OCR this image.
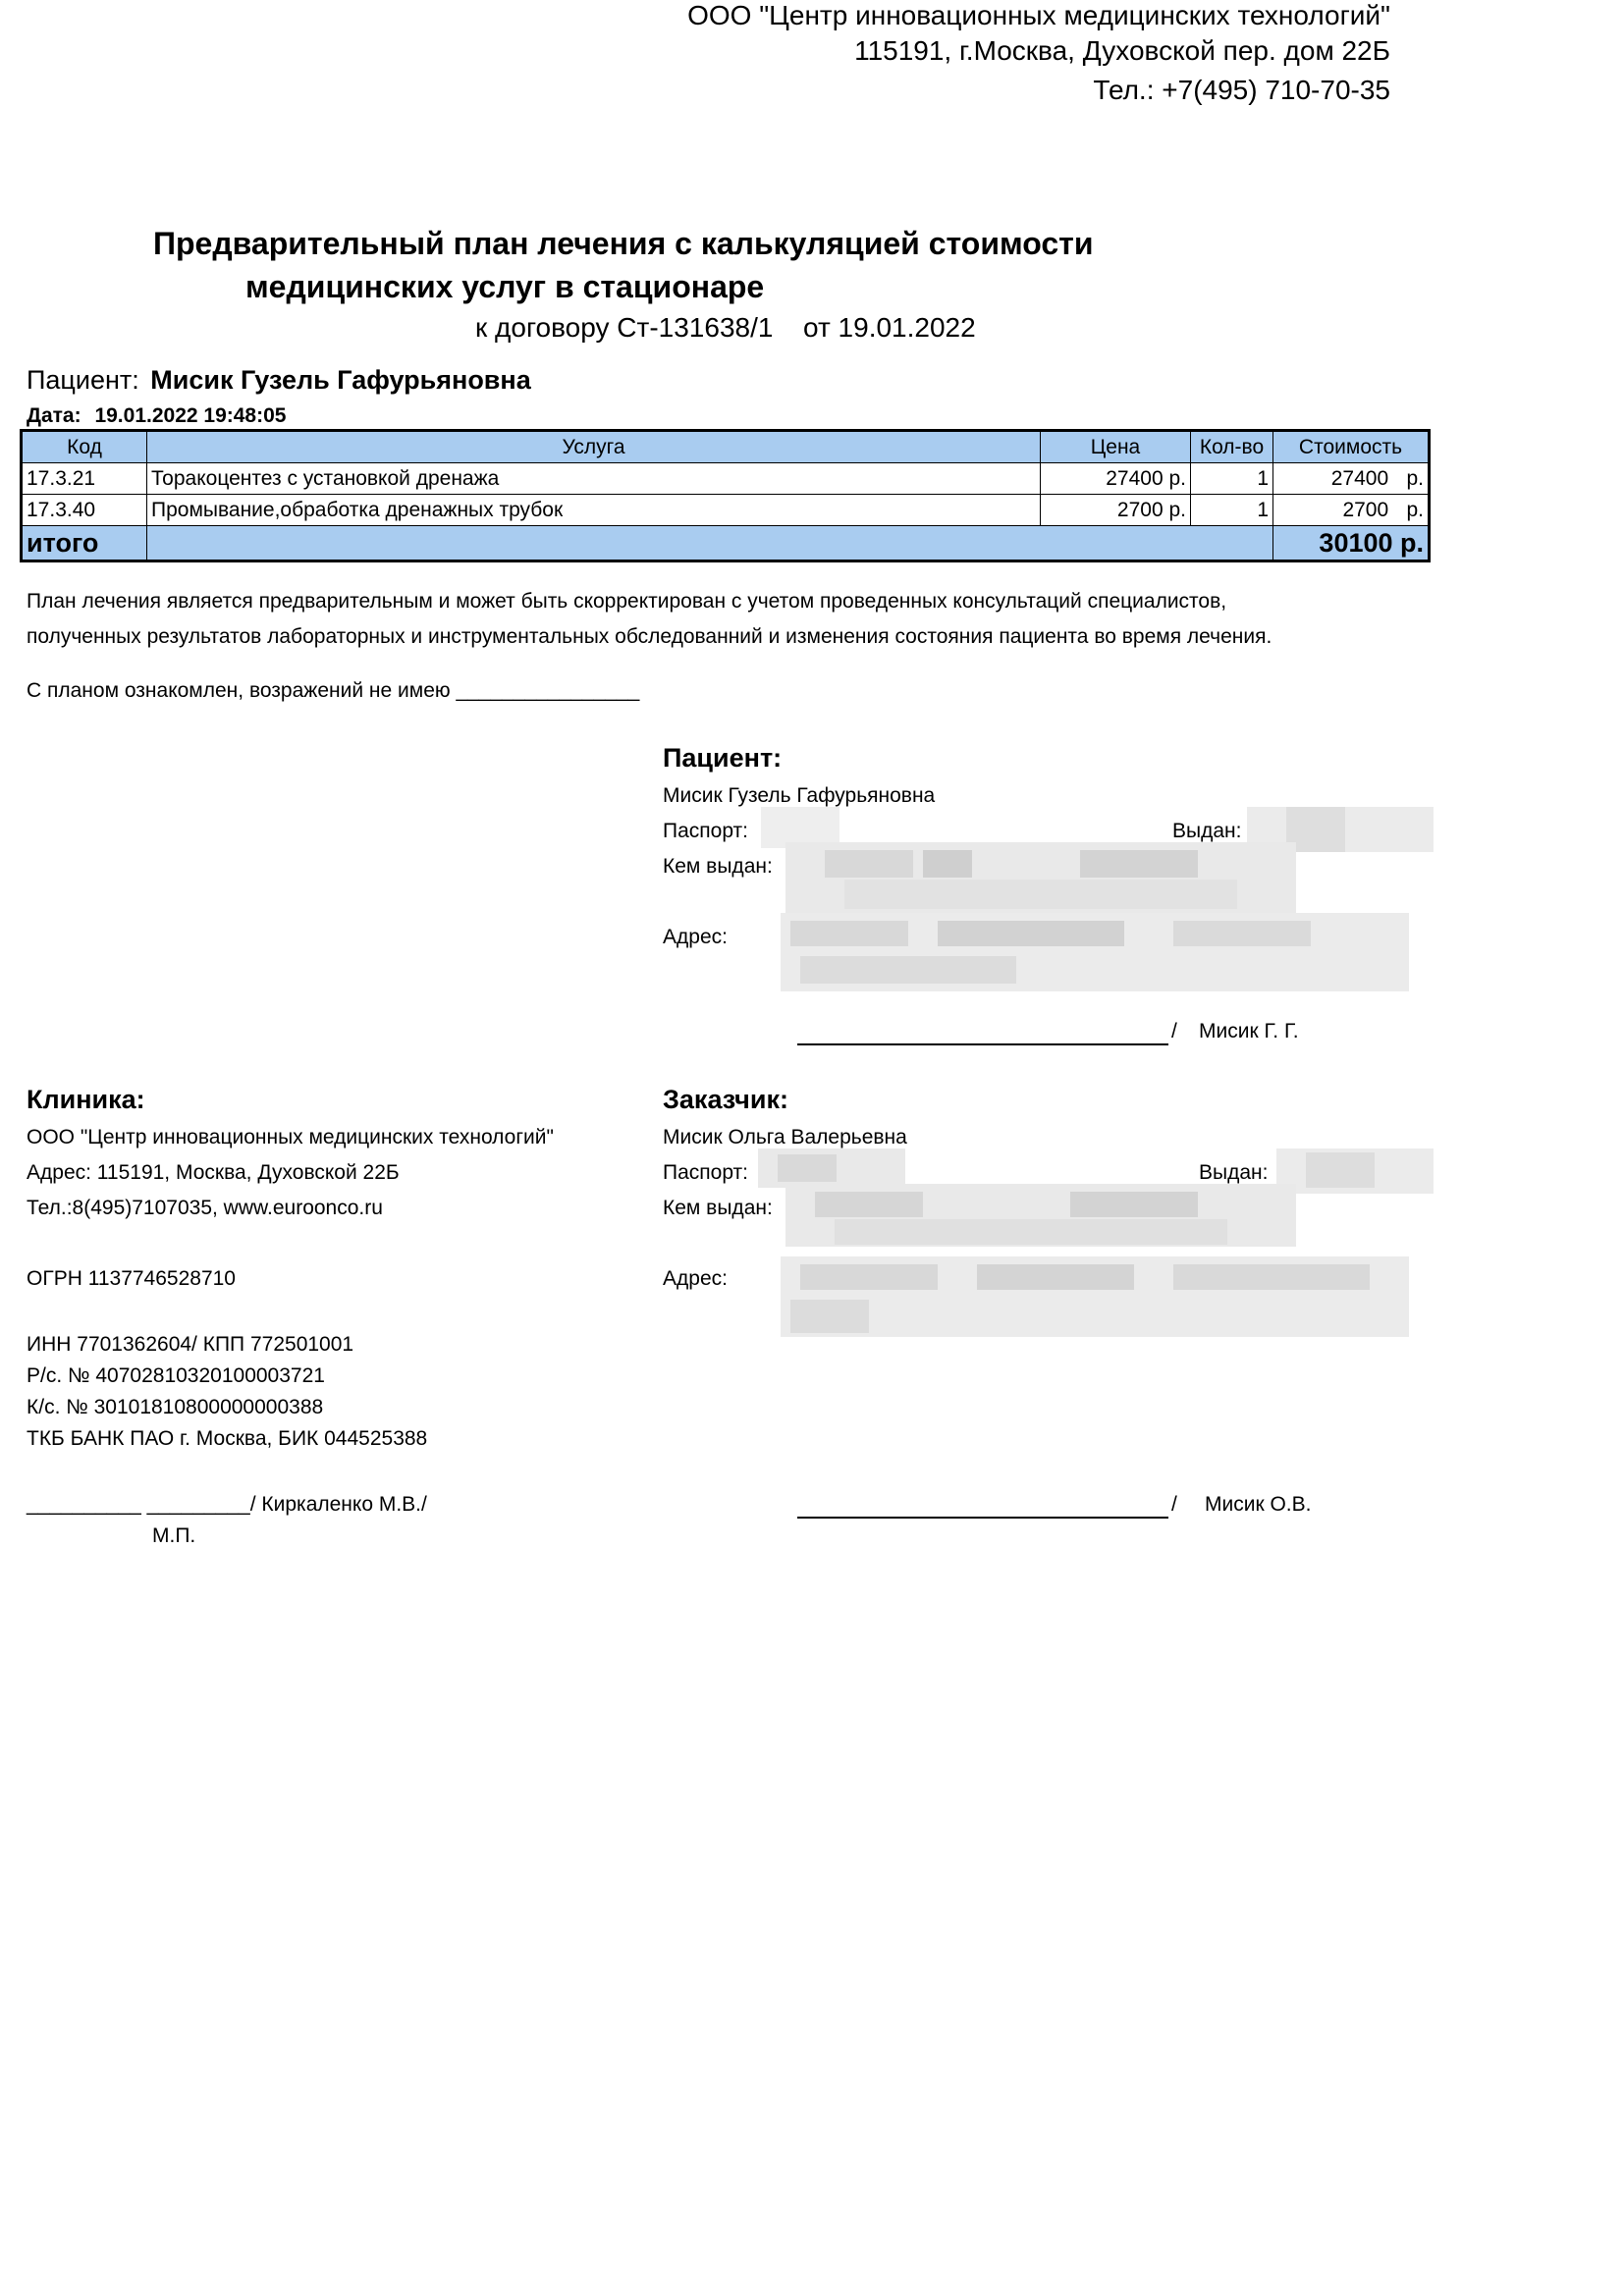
ООО "Центр инновационных медицинских технологий"
115191, г.Москва, Духовской пер. дом 22Б
Тел.: +7(495) 710-70-35
Предварительный план лечения с калькуляцией стоимости
медицинских услуг в стационаре
к договору Ст-131638/1 от 19.01.2022
Пациент: Мисик Гузель Гафурьяновна
Дата: 19.01.2022 19:48:05
Код	Услуга	Цена	Кол-во	Стоимость
17.3.21	Торакоцентез с установкой дренажа	27400 р.	1	27400 р.
17.3.40	Промывание,обработка дренажных трубок	2700 р.	1	2700 р.
итого				30100 р.
План лечения является предварительным и может быть скорректирован с учетом проведенных консультаций специалистов,
полученных результатов лабораторных и инструментальных обследованний и изменения состояния пациента во время лечения.
С планом ознакомлен, возражений не имею ________________
Пациент:
Мисик Гузель Гафурьяновна
Паспорт:	Выдан:
Кем выдан:
Адрес:
/ Мисик Г. Г.
Клиника:
ООО "Центр инновационных медицинских технологий"
Адрес: 115191, Москва, Духовской 22Б
Тел.:8(495)7107035, www.euroonco.ru
ОГРН 1137746528710
ИНН 7701362604/ КПП 772501001
Р/с. № 40702810320100003721
К/с. № 30101810800000000388
ТКБ БАНК ПАО г. Москва, БИК 044525388
__________ _________/ Киркаленко М.В./
М.П.
Заказчик:
Мисик Ольга Валерьевна
Паспорт:	Выдан:
Кем выдан:
Адрес:
/ Мисик О.В.
